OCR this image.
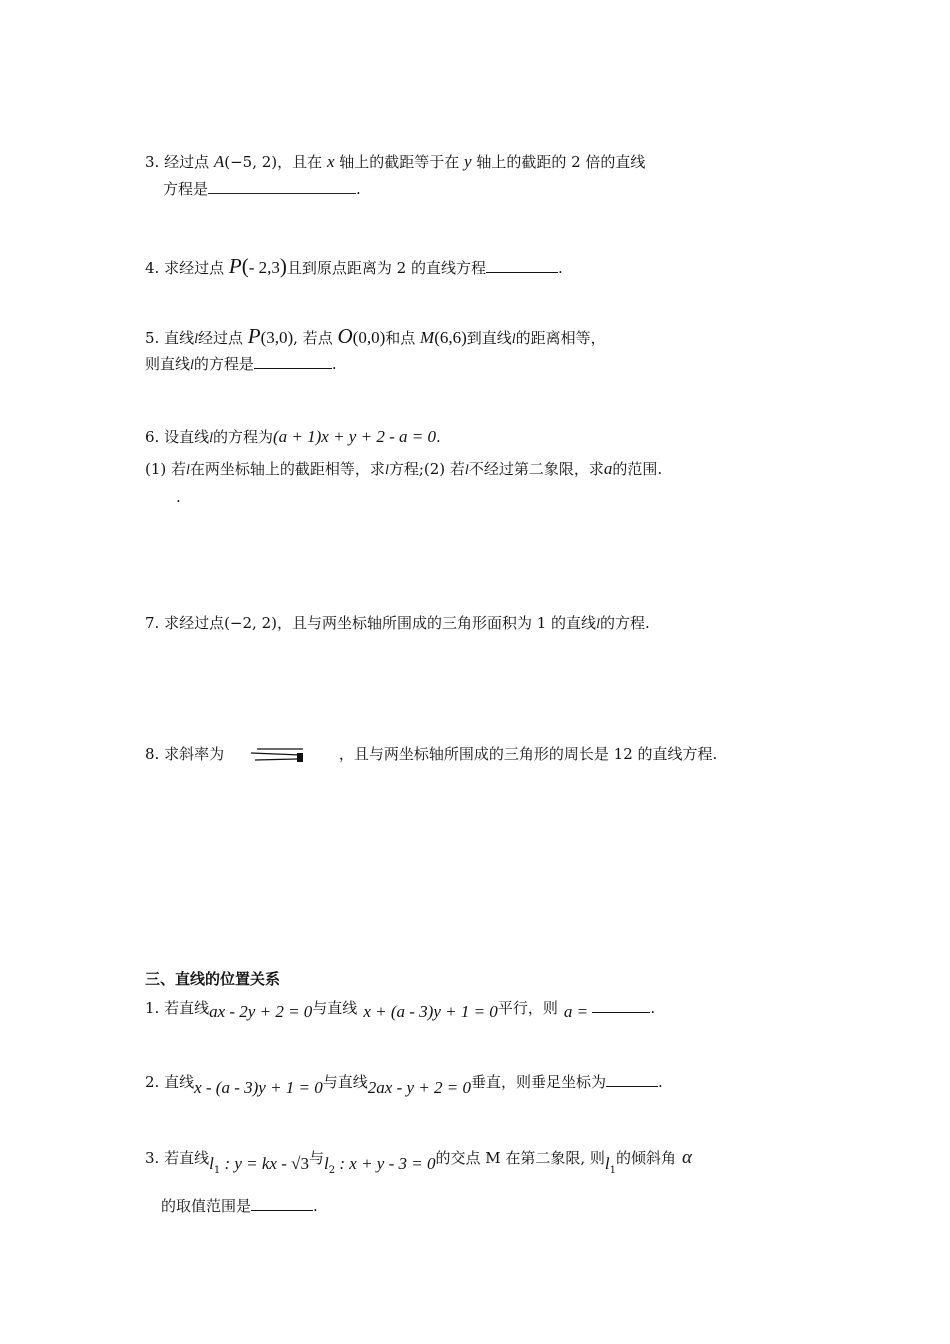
3. 经过点 A(−5, 2)，且在 x 轴上的截距等于在 y 轴上的截距的 2 倍的直线
方程是	.
4. 求经过点 P(- 2,3)且到原点距离为 2 的直线方程	.
5. 直线l经过点 P(3,0), 若点 O(0,0)和点 M(6,6)到直线l的距离相等，
则直线l的方程是	.
6. 设直线l的方程为(a + 1)x + y + 2 - a = 0.
(1) 若l在两坐标轴上的截距相等，求l方程;(2) 若l不经过第二象限，求a的范围.
.
7. 求经过点(−2, 2)，且与两坐标轴所围成的三角形面积为 1 的直线l的方程.
8. 求斜率为	，且与两坐标轴所围成的三角形的周长是 12 的直线方程.
三、直线的位置关系
1. 若直线ax - 2y + 2 = 0与直线 x + (a - 3)y + 1 = 0平行，则 a =	.
2. 直线x - (a - 3)y + 1 = 0与直线2ax - y + 2 = 0垂直，则垂足坐标为	.
3. 若直线$l_1$ : y = kx - √3与$l_2$ : x + y - 3 = 0的交点 M 在第二象限, 则$l_1$的倾斜角 α
的取值范围是	.
